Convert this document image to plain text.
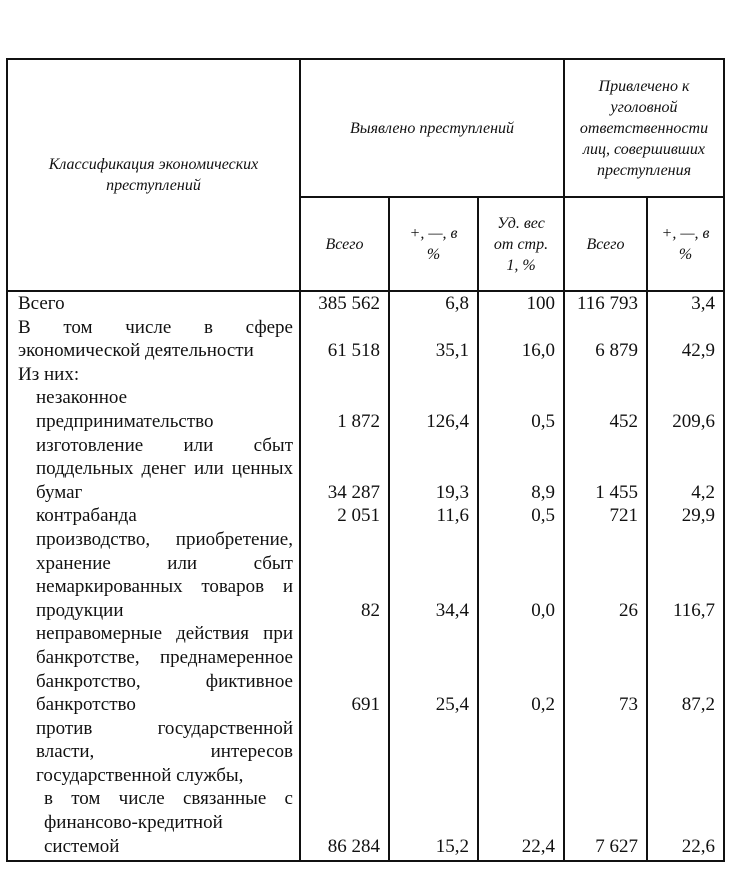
Классификация экономических преступлений	Выявлено преступлений			Привлечено к уголовной ответственности лиц, совершивших преступления	
	Всего	+, —, в %	Уд. вес от стр. 1, %	Всего	+, —, в %
Всего	385 562	6,8	100	116 793	3,4
В том числе в сфере экономической деятельности	61 518	35,1	16,0	6 879	42,9
Из них:					
незаконное предпринимательство	1 872	126,4	0,5	452	209,6
изготовление или сбыт поддельных денег или ценных бумаг	34 287	19,3	8,9	1 455	4,2
контрабанда	2 051	11,6	0,5	721	29,9
производство, приобретение, хранение или сбыт немаркированных товаров и продукции	82	34,4	0,0	26	116,7
неправомерные действия при банкротстве, преднамеренное банкротство, фиктивное банкротство	691	25,4	0,2	73	87,2
против государственной власти, интересов государственной службы,					
в том числе связанные с финансово-кредитной системой	86 284	15,2	22,4	7 627	22,6
